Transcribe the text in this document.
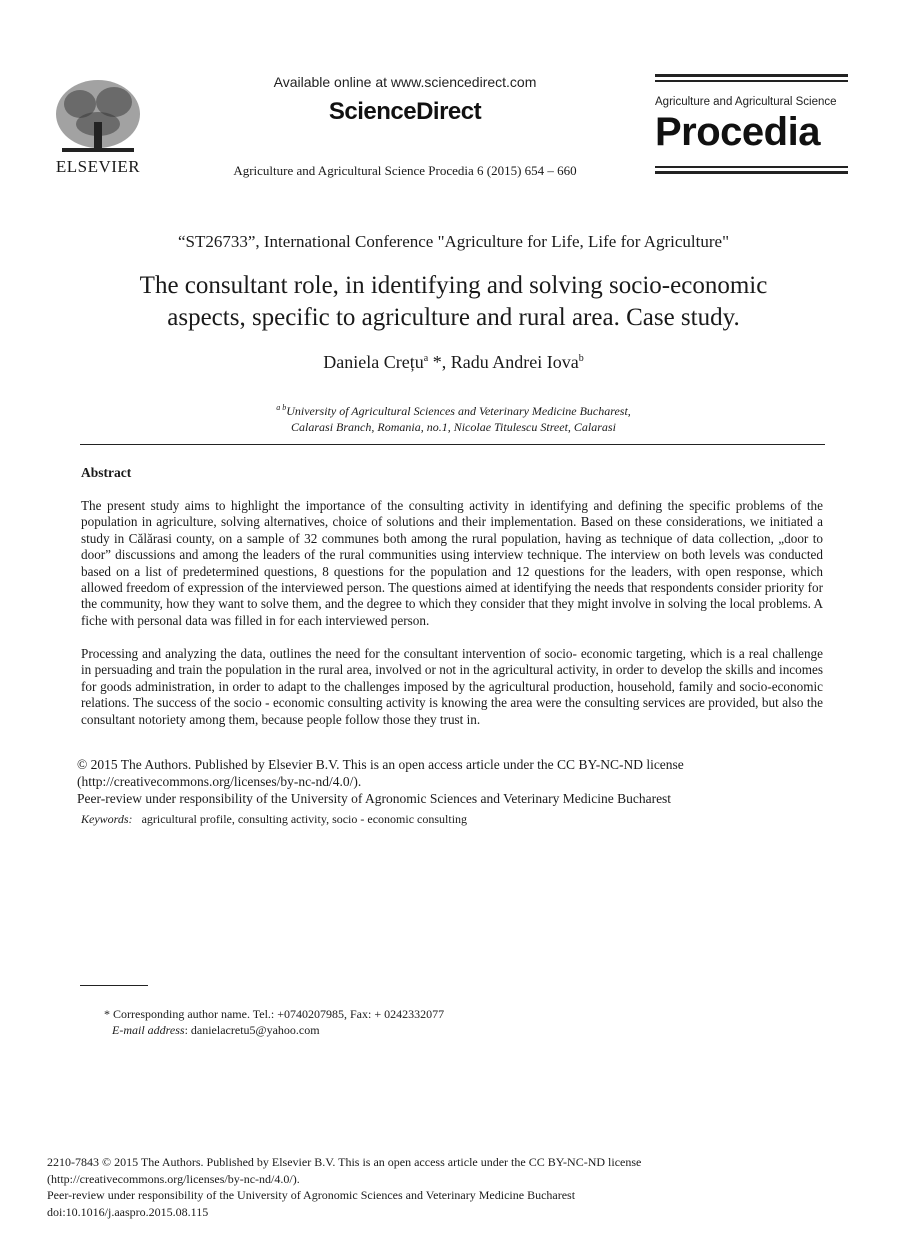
ELSEVIER
Available online at www.sciencedirect.com
ScienceDirect
Agriculture and Agricultural Science Procedia 6 (2015) 654 – 660
Agriculture and Agricultural Science
Procedia
“ST26733”, International Conference "Agriculture for Life, Life for Agriculture"
The consultant role, in identifying and solving socio-economic
aspects, specific to agriculture and rural area. Case study.
Daniela Crețu$^a$ *, Radu Andrei Iova$^b$
$^{a b}$University of Agricultural Sciences and Veterinary Medicine Bucharest,
Calarasi Branch, Romania, no.1, Nicolae Titulescu Street, Calarasi
Abstract
The present study aims to highlight the importance of the consulting activity in identifying and defining the specific problems of the population in agriculture, solving alternatives, choice of solutions and their implementation. Based on these considerations, we initiated a study in Călărasi county, on a sample of 32 communes both among the rural population, having as technique of data collection, „door to door” discussions and among the leaders of the rural communities using interview technique. The interview on both levels was conducted based on a list of predetermined questions, 8 questions for the population and 12 questions for the leaders, with open response, which allowed freedom of expression of the interviewed person. The questions aimed at identifying the needs that respondents consider priority for the community, how they want to solve them, and the degree to which they consider that they might involve in solving the local problems. A fiche with personal data was filled in for each interviewed person.
Processing and analyzing the data, outlines the need for the consultant intervention of socio- economic targeting, which is a real challenge in persuading and train the population in the rural area, involved or not in the agricultural activity, in order to develop the skills and incomes for goods administration, in order to adapt to the challenges imposed by the agricultural production, household, family and socio-economic relations. The success of the socio - economic consulting activity is knowing the area were the consulting services are provided, but also the consultant notoriety among them, because people follow those they trust in.
© 2015 The Authors. Published by Elsevier B.V. This is an open access article under the CC BY-NC-ND license
(http://creativecommons.org/licenses/by-nc-nd/4.0/).
Peer-review under responsibility of the University of Agronomic Sciences and Veterinary Medicine Bucharest
Keywords: agricultural profile, consulting activity, socio - economic consulting
* Corresponding author name. Tel.: +0740207985, Fax: + 0242332077
E-mail address: danielacretu5@yahoo.com
2210-7843 © 2015 The Authors. Published by Elsevier B.V. This is an open access article under the CC BY-NC-ND license
(http://creativecommons.org/licenses/by-nc-nd/4.0/).
Peer-review under responsibility of the University of Agronomic Sciences and Veterinary Medicine Bucharest
doi:10.1016/j.aaspro.2015.08.115
